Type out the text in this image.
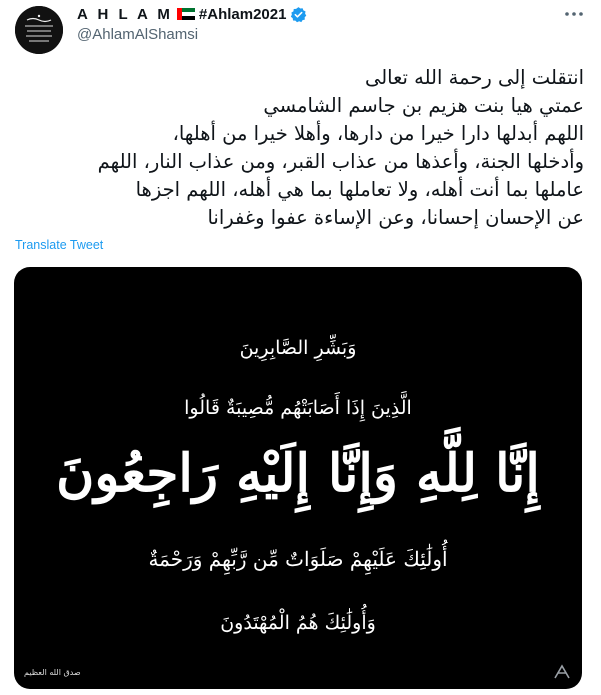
A H L A M #Ahlam2021
@AhlamAlShamsi
انتقلت إلى رحمة الله تعالى
عمتي هيا بنت هزيم بن جاسم الشامسي
اللهم أبدلها دارا خيرا من دارها، وأهلا خيرا من أهلها،
وأدخلها الجنة، وأعذها من عذاب القبر، ومن عذاب النار، اللهم
عاملها بما أنت أهله، ولا تعاملها بما هي أهله، اللهم اجزها
عن الإحسان إحسانا، وعن الإساءة عفوا وغفرانا
Translate Tweet
وَبَشِّرِ الصَّابِرِينَ
الَّذِينَ إِذَا أَصَابَتْهُم مُّصِيبَةٌ قَالُوا
إِنَّا لِلَّهِ وَإِنَّا إِلَيْهِ رَاجِعُونَ
أُولَٰئِكَ عَلَيْهِمْ صَلَوَاتٌ مِّن رَّبِّهِمْ وَرَحْمَةٌ
وَأُولَٰئِكَ هُمُ الْمُهْتَدُونَ
صدق الله العظيم
